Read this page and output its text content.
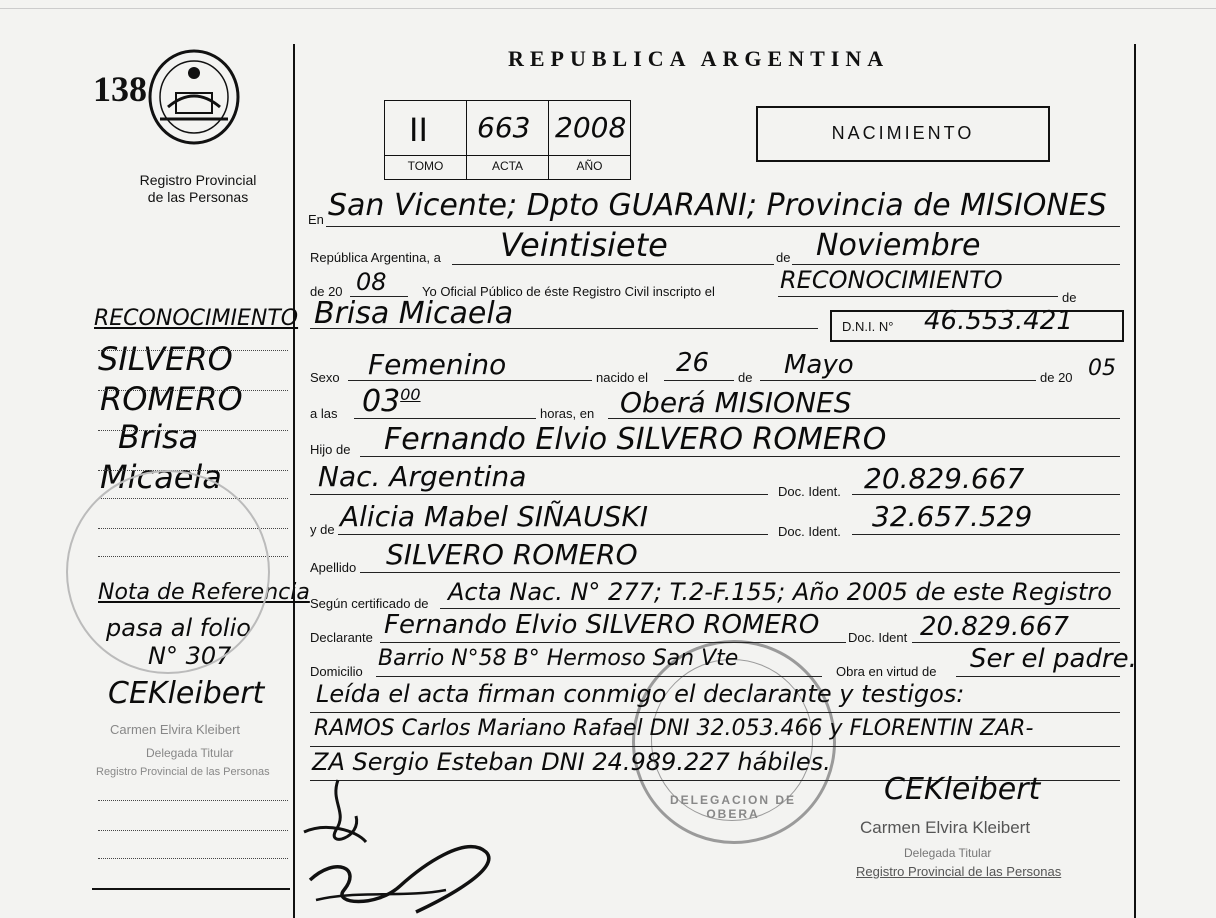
138
Registro Provincial
de las Personas
REPUBLICA ARGENTINA
II 663 2008
TOMO	ACTA	AÑO
NACIMIENTO
RECONOCIMIENTO
SILVERO
ROMERO
Brisa
Micaela
Nota de Referencia
pasa al folio
N° 307
CEKleibert
Carmen Elvira Kleibert
Delegada Titular
Registro Provincial de las Personas
DELEGACION DE OBERA
En San Vicente; Dpto GUARANI; Provincia de MISIONES
República Argentina, a Veintisiete	de Noviembre
de 20 08	Yo Oficial Público de éste Registro Civil inscripto el	RECONOCIMIENTO
de
Brisa Micaela	D.N.I. N° 46.553.421
Sexo Femenino	nacido el 26 de Mayo	de 20 05
a las $03^{00}$
horas, en Oberá MISIONES
Hijo de Fernando Elvio SILVERO ROMERO
Nac. Argentina	Doc. Ident. 20.829.667
y de Alicia Mabel SIÑAUSKI	Doc. Ident. 32.657.529
Apellido SILVERO ROMERO
Según certificado de Acta Nac. N° 277; T.2-F.155; Año 2005 de este Registro
Declarante Fernando Elvio SILVERO ROMERO Doc. Ident 20.829.667
Domicilio
Barrio N°58 B° Hermoso San Vte
Obra en virtud de Ser el padre.
Leída el acta firman conmigo el declarante y testigos:
RAMOS Carlos Mariano Rafael DNI 32.053.466 y FLORENTIN ZAR-
ZA Sergio Esteban DNI 24.989.227 hábiles.
CEKleibert
Carmen Elvira Kleibert
Delegada Titular
Registro Provincial de las Personas
